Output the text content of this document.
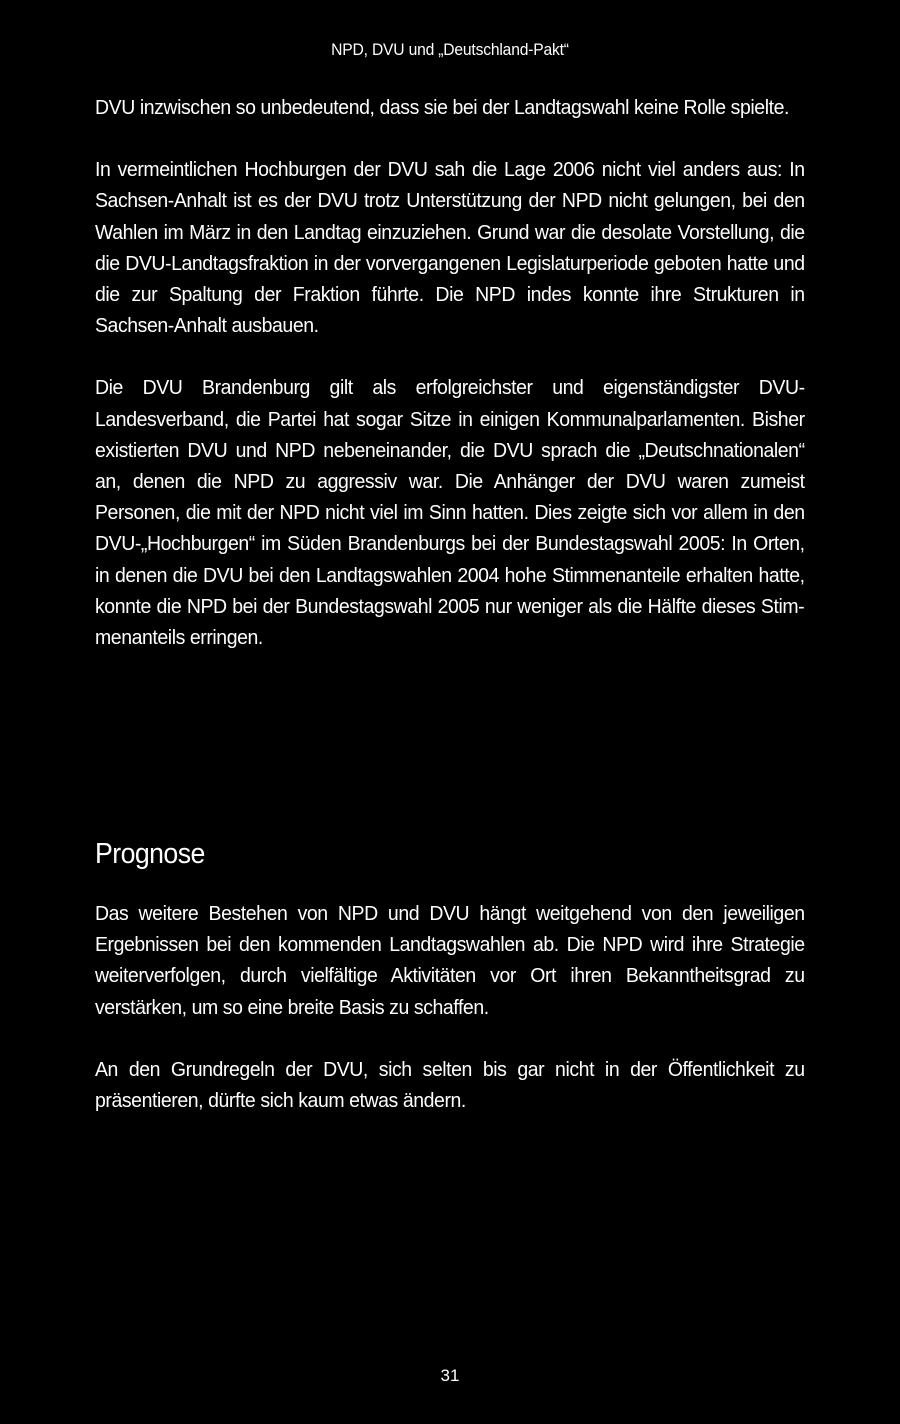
NPD, DVU und „Deutschland-Pakt“

DVU inzwischen so unbedeutend, dass sie bei der Landtagswahl keine Rolle spielte.

In vermeintlichen Hochburgen der DVU sah die Lage 2006 nicht viel anders aus: In Sachsen-Anhalt ist es der DVU trotz Unterstützung der NPD nicht gelungen, bei den Wahlen im März in den Landtag einzuziehen. Grund war die desolate Vorstellung, die die DVU-Landtagsfraktion in der vorvergangenen Legislaturperiode geboten hatte und die zur Spaltung der Fraktion führte. Die NPD indes konnte ihre Strukturen in Sachsen-Anhalt ausbauen.

Die DVU Brandenburg gilt als erfolgreichster und eigenständigster DVU-Landesverband, die Partei hat sogar Sitze in einigen Kommunalparlamenten. Bisher existierten DVU und NPD nebeneinander, die DVU sprach die „Deutschnationalen“ an, denen die NPD zu aggressiv war. Die Anhänger der DVU waren zumeist Personen, die mit der NPD nicht viel im Sinn hatten. Dies zeigte sich vor allem in den DVU-„Hochburgen“ im Süden Brandenburgs bei der Bundestagswahl 2005: In Orten, in denen die DVU bei den Landtagswahlen 2004 hohe Stimmenanteile erhalten hatte, konnte die NPD bei der Bundestagswahl 2005 nur weniger als die Hälfte dieses Stimmenanteils erringen.

Prognose

Das weitere Bestehen von NPD und DVU hängt weitgehend von den jeweiligen Ergebnissen bei den kommenden Landtagswahlen ab. Die NPD wird ihre Strategie weiterverfolgen, durch vielfältige Aktivitäten vor Ort ihren Bekanntheitsgrad zu verstärken, um so eine breite Basis zu schaffen.

An den Grundregeln der DVU, sich selten bis gar nicht in der Öffentlichkeit zu präsentieren, dürfte sich kaum etwas ändern.

31
